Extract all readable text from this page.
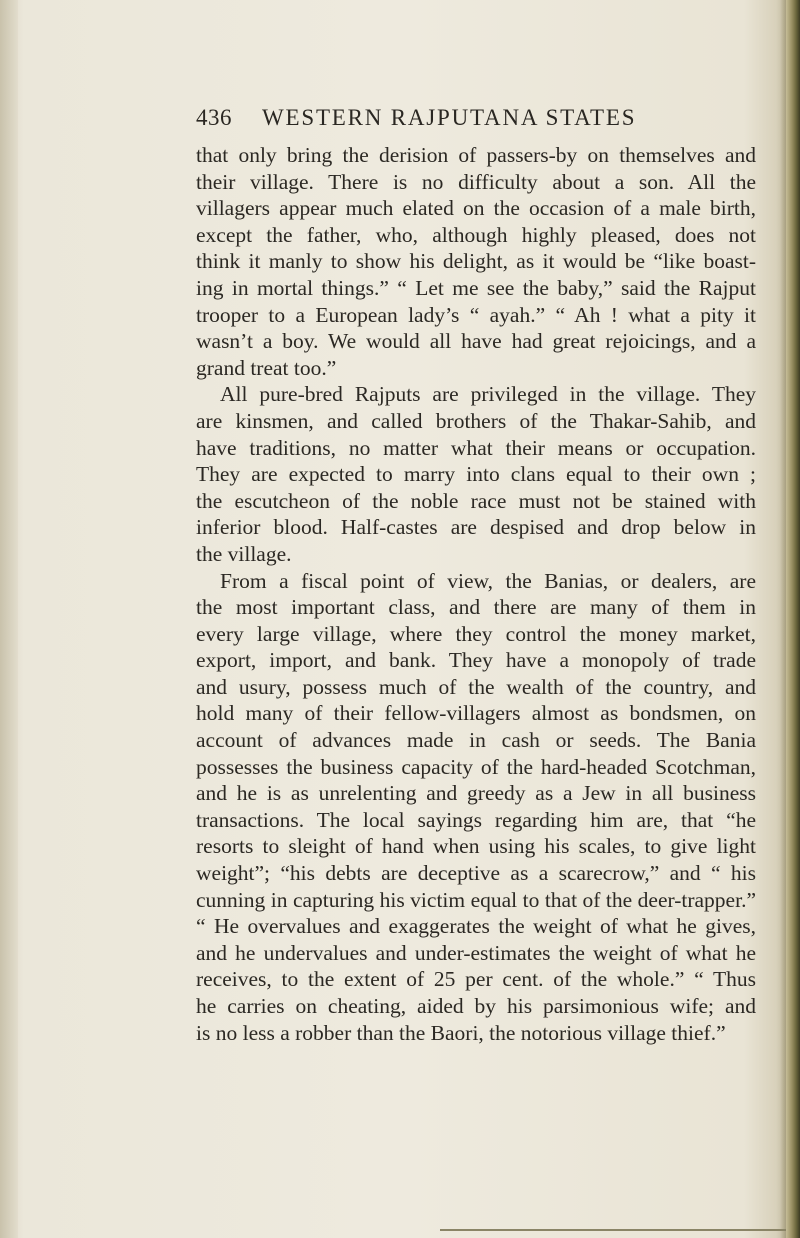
436 WESTERN RAJPUTANA STATES
that only bring the derision of passers-by on themselves and
their village. There is no difficulty about a son. All the
villagers appear much elated on the occasion of a male birth,
except the father, who, although highly pleased, does not
think it manly to show his delight, as it would be “like boast-
ing in mortal things.” “ Let me see the baby,” said the Rajput
trooper to a European lady’s “ ayah.” “ Ah ! what a pity it
wasn’t a boy. We would all have had great rejoicings, and a
grand treat too.”
All pure-bred Rajputs are privileged in the village. They
are kinsmen, and called brothers of the Thakar-Sahib, and
have traditions, no matter what their means or occupation.
They are expected to marry into clans equal to their own ;
the escutcheon of the noble race must not be stained with
inferior blood. Half-castes are despised and drop below in
the village.
From a fiscal point of view, the Banias, or dealers, are
the most important class, and there are many of them in
every large village, where they control the money market,
export, import, and bank. They have a monopoly of trade
and usury, possess much of the wealth of the country, and
hold many of their fellow-villagers almost as bondsmen, on
account of advances made in cash or seeds. The Bania
possesses the business capacity of the hard-headed Scotchman,
and he is as unrelenting and greedy as a Jew in all business
transactions. The local sayings regarding him are, that “he
resorts to sleight of hand when using his scales, to give light
weight”; “his debts are deceptive as a scarecrow,” and “ his
cunning in capturing his victim equal to that of the deer-trapper.”
“ He overvalues and exaggerates the weight of what he gives,
and he undervalues and under-estimates the weight of what he
receives, to the extent of 25 per cent. of the whole.” “ Thus
he carries on cheating, aided by his parsimonious wife; and
is no less a robber than the Baori, the notorious village thief.”
